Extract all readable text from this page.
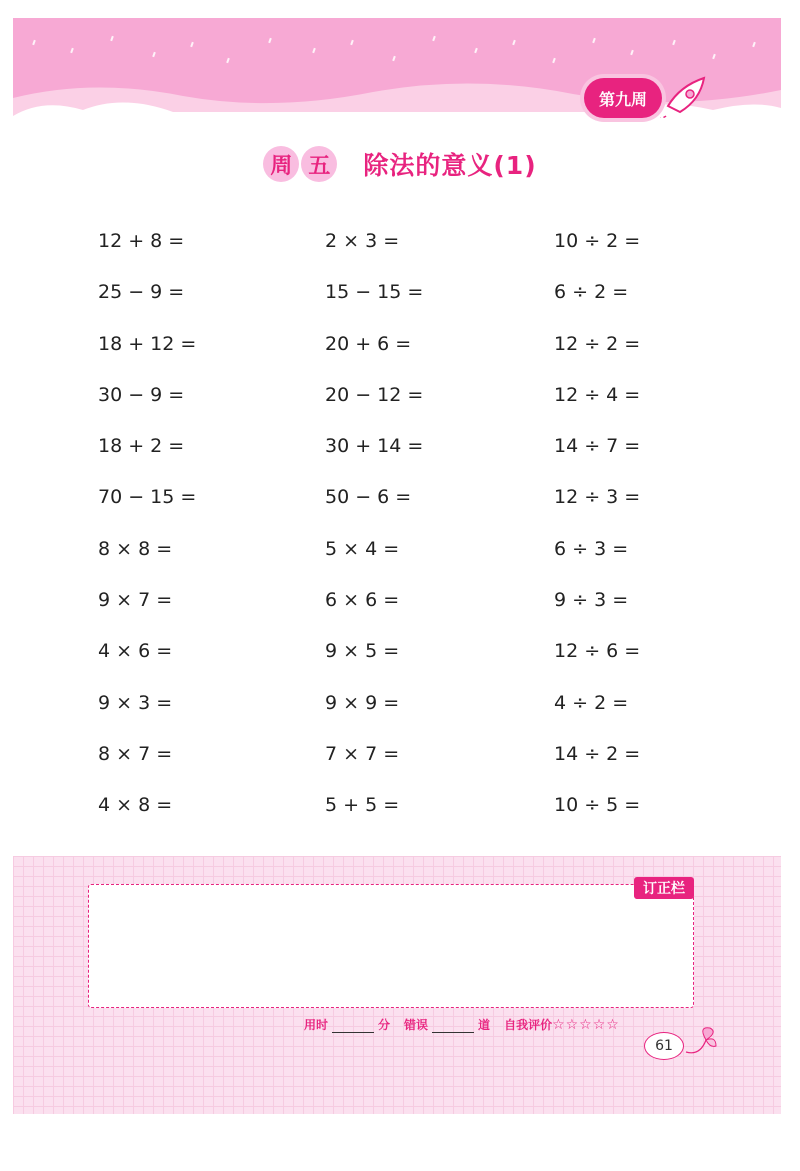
第九周
周 五 除法的意义(1)
12 + 8 =	2 × 3 =	10 ÷ 2 =
25 − 9 =	15 − 15 =	6 ÷ 2 =
18 + 12 =	20 + 6 =	12 ÷ 2 =
30 − 9 =	20 − 12 =	12 ÷ 4 =
18 + 2 =	30 + 14 =	14 ÷ 7 =
70 − 15 =	50 − 6 =	12 ÷ 3 =
8 × 8 =	5 × 4 =	6 ÷ 3 =
9 × 7 =	6 × 6 =	9 ÷ 3 =
4 × 6 =	9 × 5 =	12 ÷ 6 =
9 × 3 =	9 × 9 =	4 ÷ 2 =
8 × 7 =	7 × 7 =	14 ÷ 2 =
4 × 8 =	5 + 5 =	10 ÷ 5 =
订正栏
用时	分 错误	道 自我评价 ☆☆☆☆☆
61
